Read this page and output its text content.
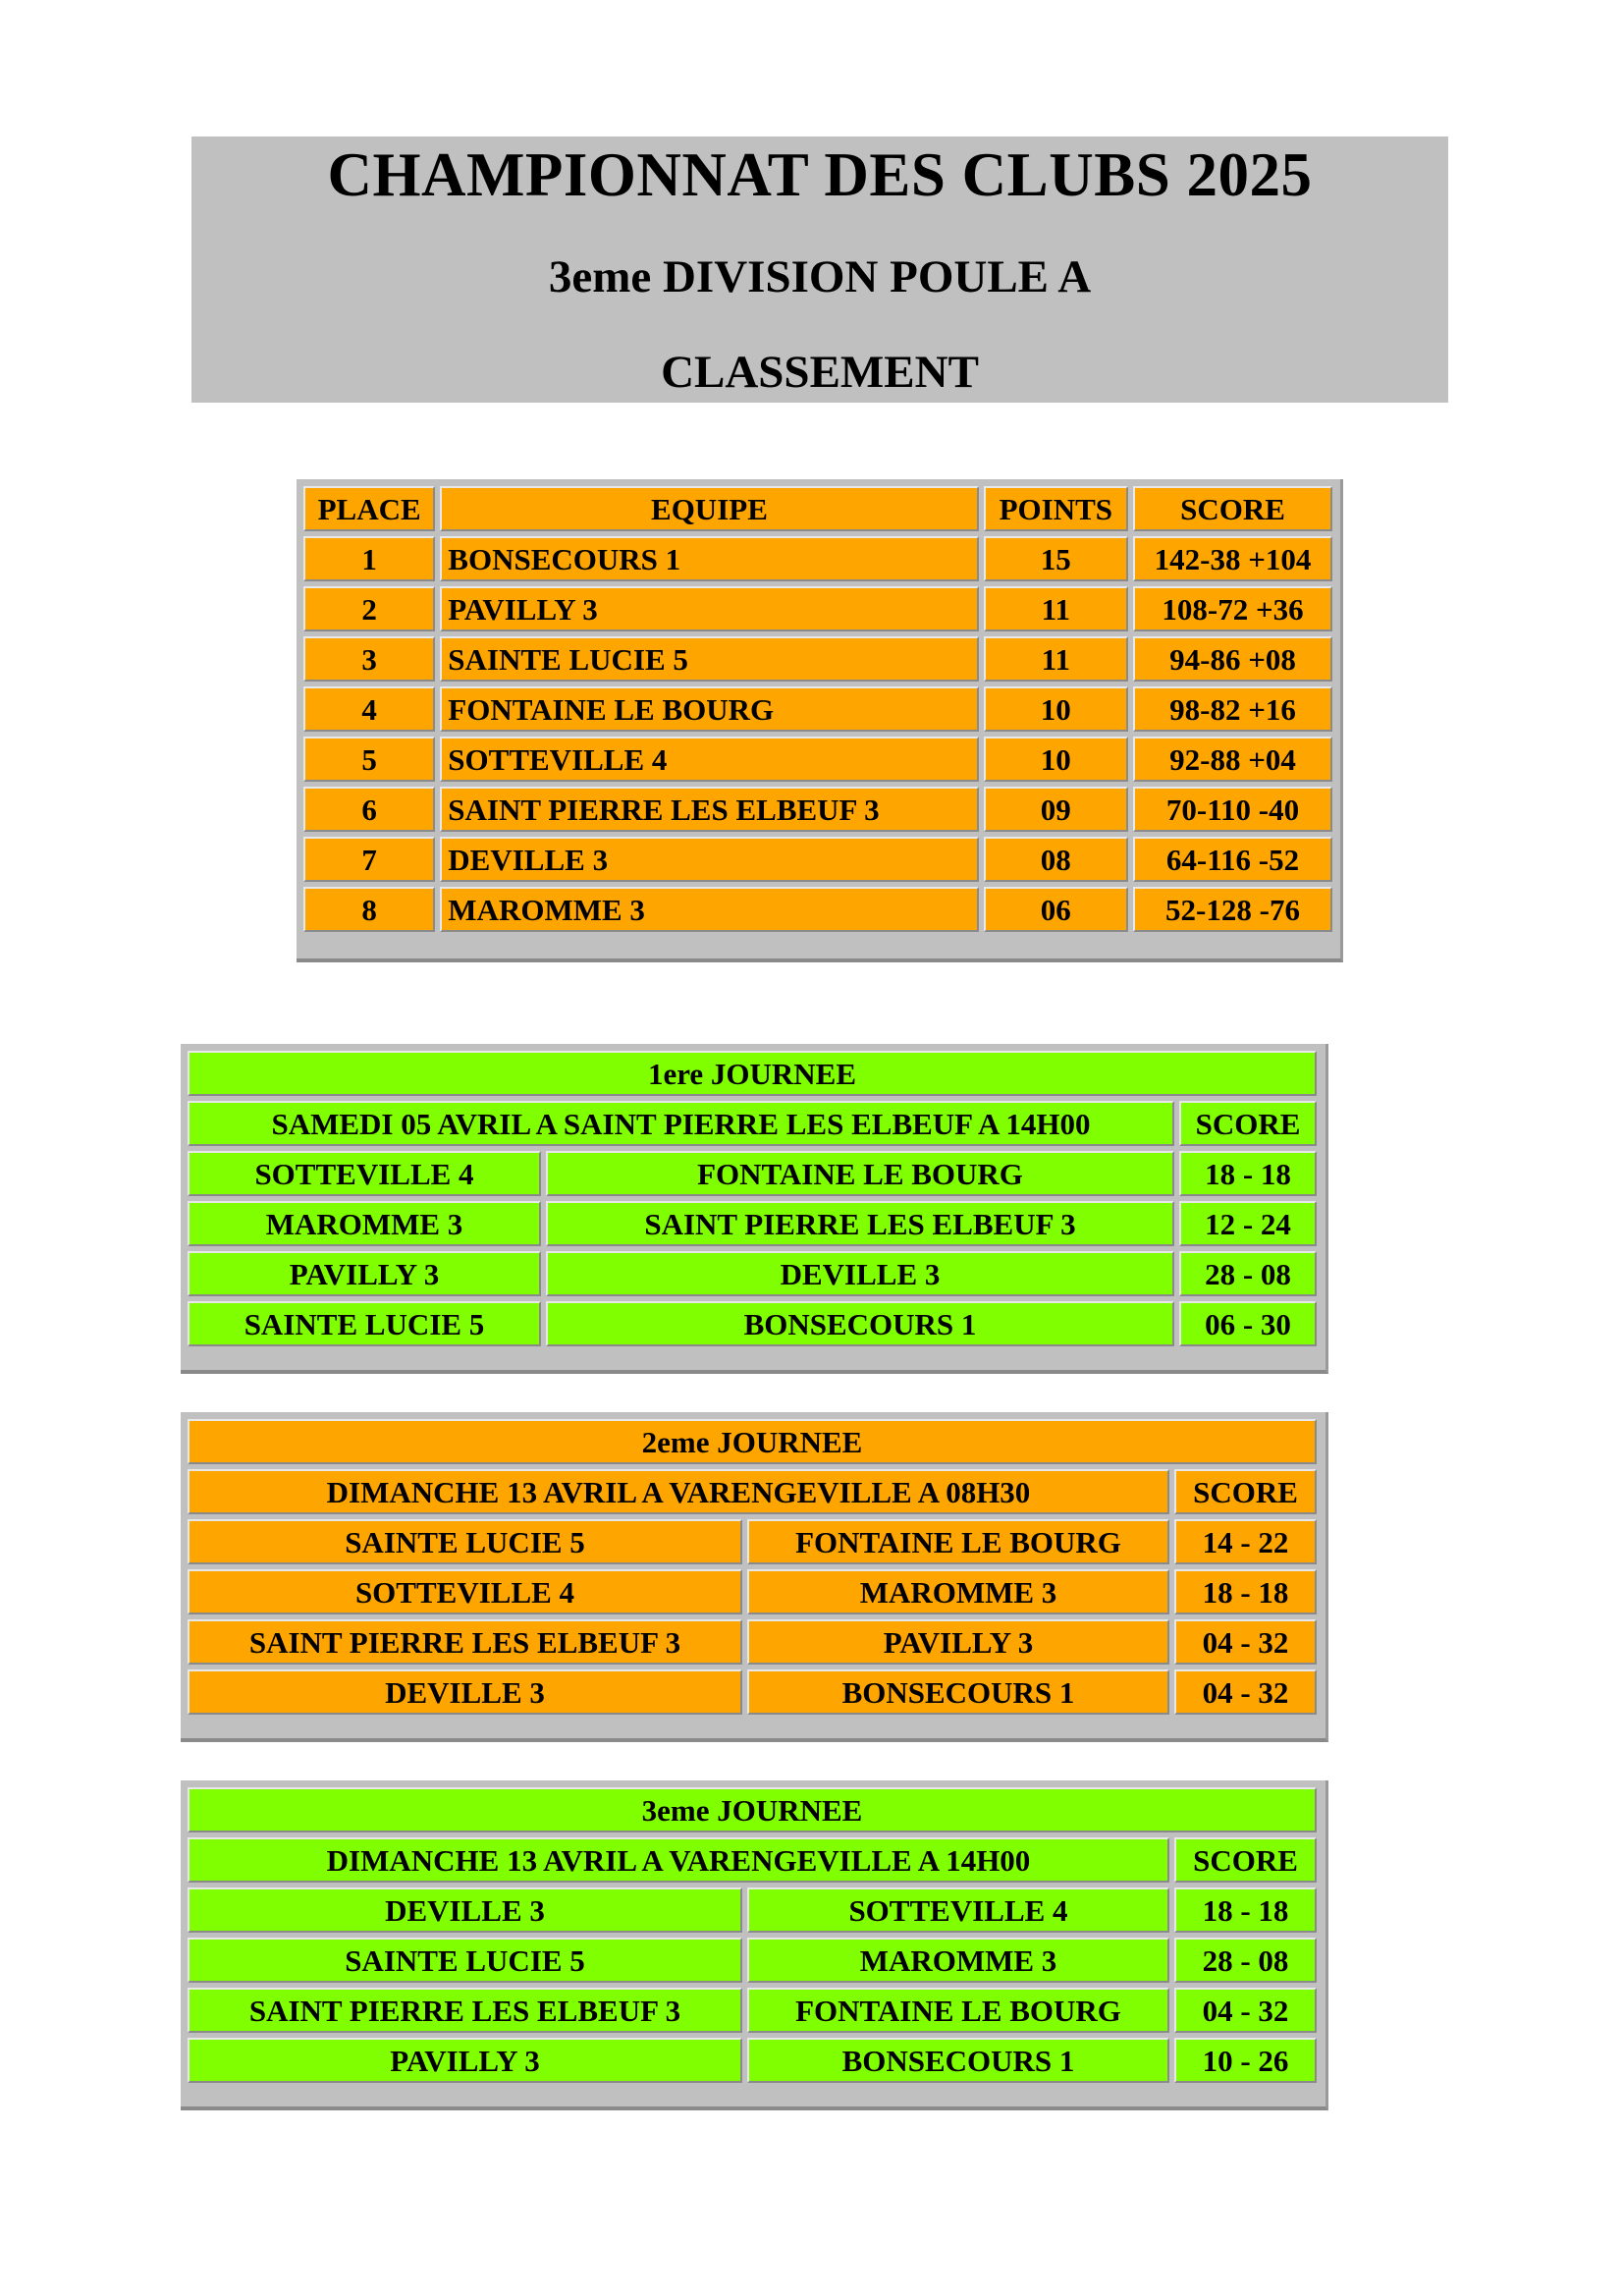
CHAMPIONNAT DES CLUBS 2025
3eme DIVISION POULE A
CLASSEMENT
PLACE	EQUIPE	POINTS	SCORE
1	BONSECOURS 1	15	142-38 +104
2	PAVILLY 3	11	108-72 +36
3	SAINTE LUCIE 5	11	94-86 +08
4	FONTAINE LE BOURG	10	98-82 +16
5	SOTTEVILLE 4	10	92-88 +04
6	SAINT PIERRE LES ELBEUF 3	09	70-110 -40
7	DEVILLE 3	08	64-116 -52
8	MAROMME 3	06	52-128 -76
1ere JOURNEE		
SAMEDI 05 AVRIL A SAINT PIERRE LES ELBEUF A 14H00		SCORE
SOTTEVILLE 4	FONTAINE LE BOURG	18 - 18
MAROMME 3	SAINT PIERRE LES ELBEUF 3	12 - 24
PAVILLY 3	DEVILLE 3	28 - 08
SAINTE LUCIE 5	BONSECOURS 1	06 - 30
2eme JOURNEE		
DIMANCHE 13 AVRIL A VARENGEVILLE A 08H30		SCORE
SAINTE LUCIE 5	FONTAINE LE BOURG	14 - 22
SOTTEVILLE 4	MAROMME 3	18 - 18
SAINT PIERRE LES ELBEUF 3	PAVILLY 3	04 - 32
DEVILLE 3	BONSECOURS 1	04 - 32
3eme JOURNEE		
DIMANCHE 13 AVRIL A VARENGEVILLE A 14H00		SCORE
DEVILLE 3	SOTTEVILLE 4	18 - 18
SAINTE LUCIE 5	MAROMME 3	28 - 08
SAINT PIERRE LES ELBEUF 3	FONTAINE LE BOURG	04 - 32
PAVILLY 3	BONSECOURS 1	10 - 26
